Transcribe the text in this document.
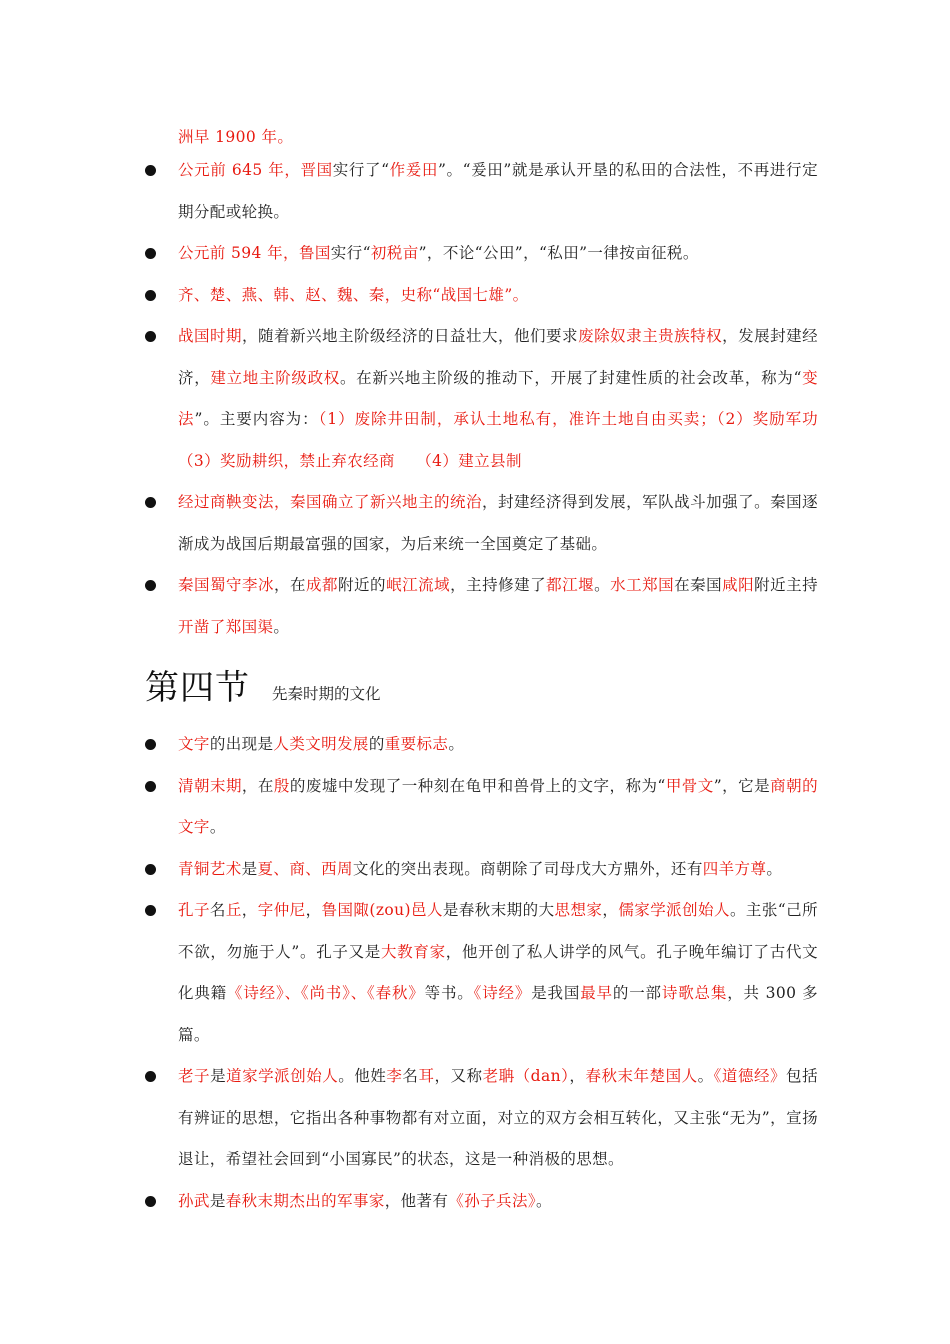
洲早 1900 年。
公元前 645 年，晋国实行了“作爰田”。“爰田”就是承认开垦的私田的合法性，不再进行定期分配或轮换。
公元前 594 年，鲁国实行“初税亩”，不论“公田”，“私田”一律按亩征税。
齐、楚、燕、韩、赵、魏、秦，史称“战国七雄”。
战国时期，随着新兴地主阶级经济的日益壮大，他们要求废除奴隶主贵族特权，发展封建经济，建立地主阶级政权。在新兴地主阶级的推动下，开展了封建性质的社会改革，称为“变法”。主要内容为：（1）废除井田制，承认土地私有，准许土地自由买卖；（2）奖励军功　 （3）奖励耕织，禁止弃农经商　 （4）建立县制
经过商鞅变法，秦国确立了新兴地主的统治，封建经济得到发展，军队战斗加强了。秦国逐渐成为战国后期最富强的国家，为后来统一全国奠定了基础。
秦国蜀守李冰，在成都附近的岷江流域，主持修建了都江堰。水工郑国在秦国咸阳附近主持开凿了郑国渠。
第四节 先秦时期的文化
文字的出现是人类文明发展的重要标志。
清朝末期，在殷的废墟中发现了一种刻在龟甲和兽骨上的文字，称为“甲骨文”，它是商朝的文字。
青铜艺术是夏、商、西周文化的突出表现。商朝除了司母戊大方鼎外，还有四羊方尊。
孔子名丘，字仲尼，鲁国陬(zou)邑人是春秋末期的大思想家，儒家学派创始人。主张“己所不欲，勿施于人”。孔子又是大教育家，他开创了私人讲学的风气。孔子晚年编订了古代文化典籍《诗经》、《尚书》、《春秋》等书。《诗经》是我国最早的一部诗歌总集，共 300 多篇。
老子是道家学派创始人。他姓李名耳，又称老聃（dan），春秋末年楚国人。《道德经》包括有辨证的思想，它指出各种事物都有对立面，对立的双方会相互转化，又主张“无为”，宣扬退让，希望社会回到“小国寡民”的状态，这是一种消极的思想。
孙武是春秋末期杰出的军事家，他著有《孙子兵法》。
